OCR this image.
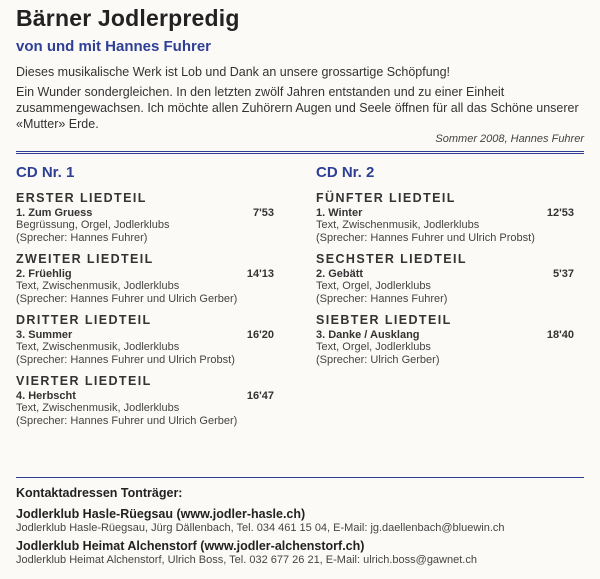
Bärner Jodlerpredig
von und mit Hannes Fuhrer

Dieses musikalische Werk ist Lob und Dank an unsere grossartige Schöpfung!

Ein Wunder sondergleichen. In den letzten zwölf Jahren entstanden und zu einer Einheit zusammengewachsen. Ich möchte allen Zuhörern Augen und Seele öffnen für all das Schöne unserer «Mutter» Erde.

Sommer 2008, Hannes Fuhrer
CD Nr. 1
ERSTER LIEDTEIL
1. Zum Gruess	7'53
Begrüssung, Orgel, Jodlerklubs
(Sprecher: Hannes Fuhrer)
ZWEITER LIEDTEIL
2. Früehlig	14'13
Text, Zwischenmusik, Jodlerklubs
(Sprecher: Hannes Fuhrer und Ulrich Gerber)
DRITTER LIEDTEIL
3. Summer	16'20
Text, Zwischenmusik, Jodlerklubs
(Sprecher: Hannes Fuhrer und Ulrich Probst)
VIERTER LIEDTEIL
4. Herbscht	16'47
Text, Zwischenmusik, Jodlerklubs
(Sprecher: Hannes Fuhrer und Ulrich Gerber)
CD Nr. 2
FÜNFTER LIEDTEIL
1. Winter	12'53
Text, Zwischenmusik, Jodlerklubs
(Sprecher: Hannes Fuhrer und Ulrich Probst)
SECHSTER LIEDTEIL
2. Gebätt	5'37
Text, Orgel, Jodlerklubs
(Sprecher: Hannes Fuhrer)
SIEBTER LIEDTEIL
3. Danke / Ausklang	18'40
Text, Orgel, Jodlerklubs
(Sprecher: Ulrich Gerber)
Kontaktadressen Tonträger:
Jodlerklub Hasle-Rüegsau (www.jodler-hasle.ch)
Jodlerklub Hasle-Rüegsau, Jürg Dällenbach, Tel. 034 461 15 04, E-Mail: jg.daellenbach@bluewin.ch
Jodlerklub Heimat Alchenstorf (www.jodler-alchenstorf.ch)
Jodlerklub Heimat Alchenstorf, Ulrich Boss, Tel. 032 677 26 21, E-Mail: ulrich.boss@gawnet.ch
